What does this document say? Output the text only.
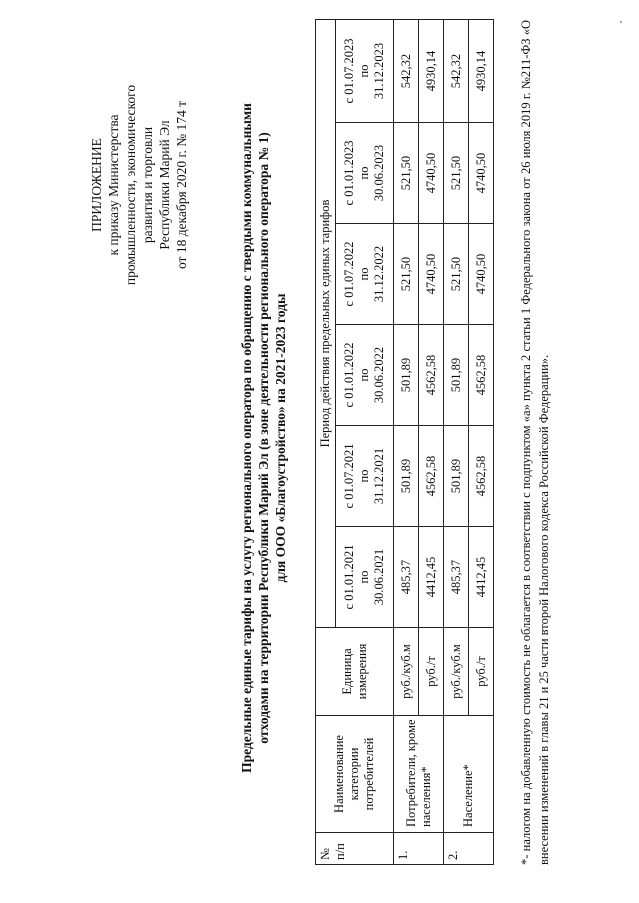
ПРИЛОЖЕНИЕ к приказу Министерства промышленности, экономического развития и торговли Республики Марий Эл от 18 декабря 2020 г. № 174 т	Предельные единые тарифы на услугу регионального оператора по обращению с твердыми коммунальными отходами на территории Республики Марий Эл (в зоне деятельности регионального оператора № 1) для ООО «Благоустройство» на 2021-2023 годы
№ п/п	Наименование категории потребителей	Единица измерения	Период действия предельных единых тарифов					
			с 01.01.2021
по
30.06.2021	с 01.07.2021
по
31.12.2021	с 01.01.2022
по
30.06.2022	с 01.07.2022
по
31.12.2022	с 01.01.2023
по
30.06.2023	с 01.07.2023
по
31.12.2023
1.	Потребители, кроме населения*	руб./куб.м	485,37	501,89	501,89	521,50	521,50	542,32
		руб./т	4412,45	4562,58	4562,58	4740,50	4740,50	4930,14
2.	Население*	руб./куб.м	485,37	501,89	501,89	521,50	521,50	542,32
		руб./т	4412,45	4562,58	4562,58	4740,50	4740,50	4930,14	*- налогом на добавленную стоимость не облагается в соответствии с подпунктом «а» пункта 2 статьи 1 Федерального закона от 26 июля 2019 г. №211-ФЗ «О внесении изменений в главы 21 и 25 части второй Налогового кодекса Российской Федерации».
